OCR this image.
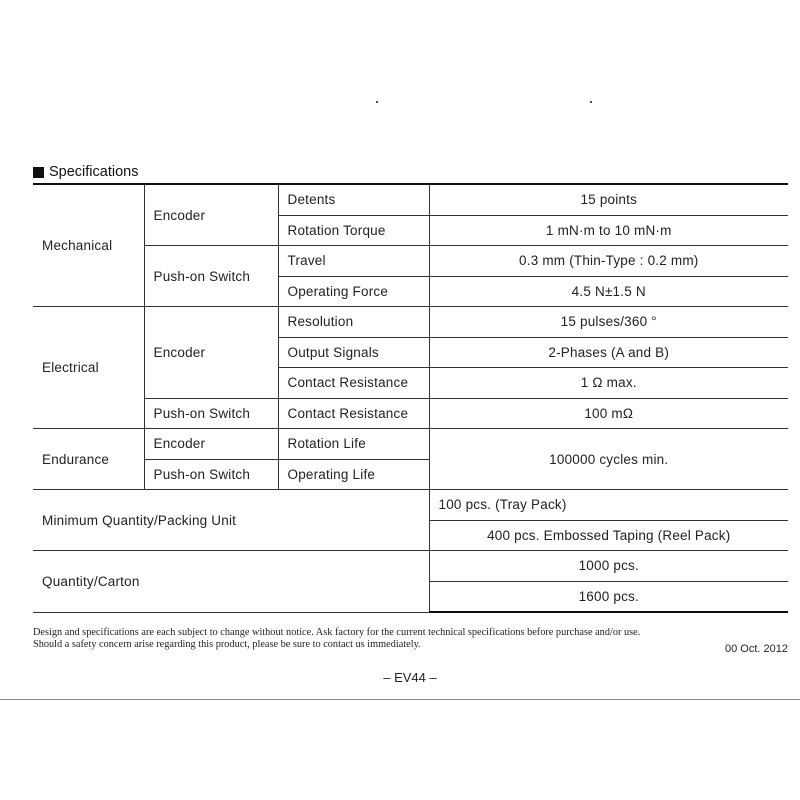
Specifications
Mechanical	Encoder	Detents	15 points
		Rotation Torque	1 mN·m to 10 mN·m
	Push-on Switch	Travel	0.3 mm (Thin-Type : 0.2 mm)
		Operating Force	4.5 N±1.5 N
Electrical	Encoder	Resolution	15 pulses/360 °
		Output Signals	2-Phases (A and B)
		Contact Resistance	1 Ω max.
	Push-on Switch	Contact Resistance	100 mΩ
Endurance	Encoder	Rotation Life	100000 cycles min.
	Push-on Switch	Operating Life	
Minimum Quantity/Packing Unit			100 pcs. (Tray Pack)
			400 pcs. Embossed Taping (Reel Pack)
Quantity/Carton			1000 pcs.
			1600 pcs.
Design and specifications are each subject to change without notice. Ask factory for the current technical specifications before purchase and/or use.
Should a safety concern arise regarding this product, please be sure to contact us immediately.	00 Oct. 2012
– EV44 –
